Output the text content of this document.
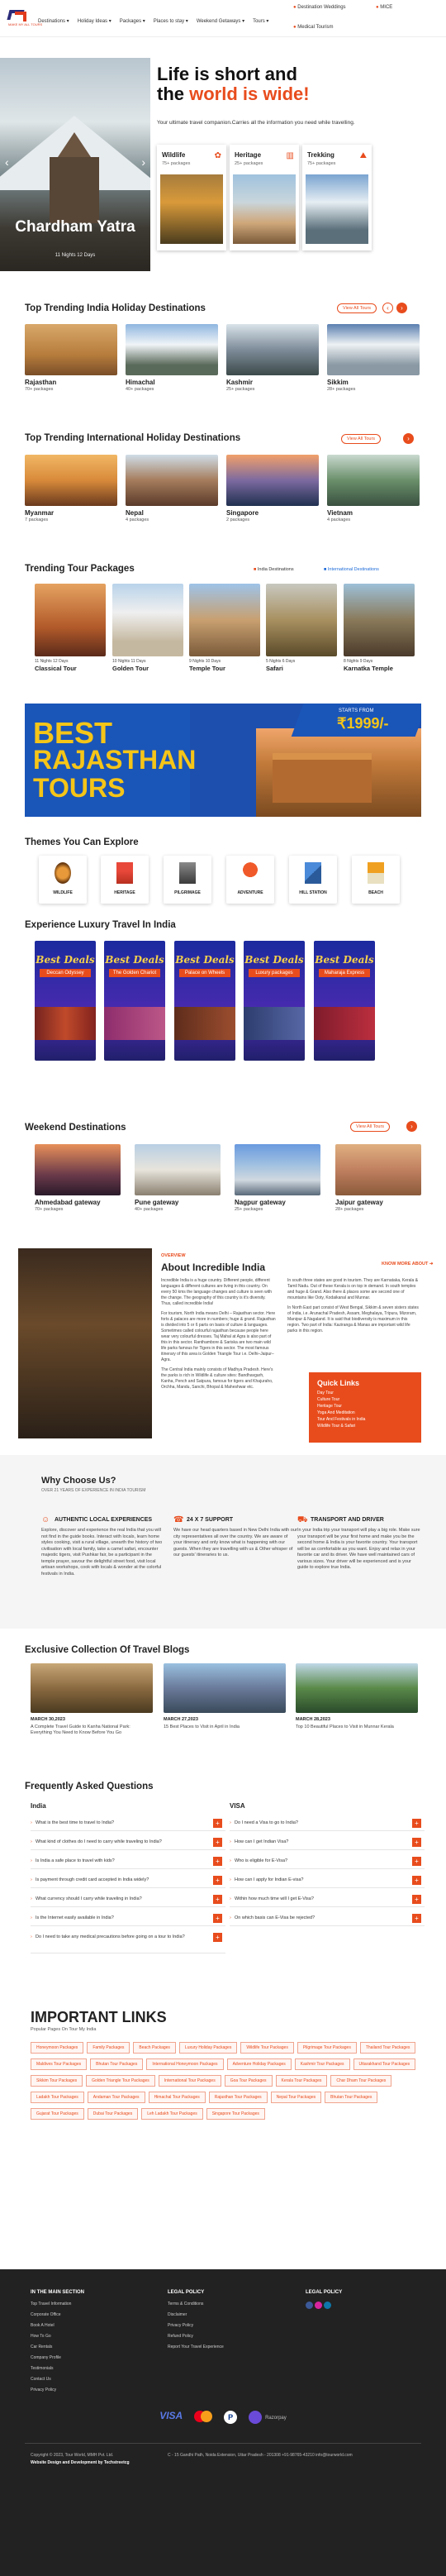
MAKE MY ALL TOURS
Destinations ▾ Holiday Ideas ▾ Packages ▾ Places to stay ▾ Weekend Getaways ▾ Tours ▾
● Destination Weddings	● MICE
● Medical Tourism
‹	›
Chardham Yatra
11 Nights 12 Days
Life is short and
the world is wide!
Your ultimate travel companion.Carries all the information you need while travelling.
Wildlife
75+ packages
✿ Heritage
25+ packages
▥ Trekking
75+ packages
⛰
Top Trending India Holiday Destinations	View All Tours	‹	›
Rajasthan
70+ packages
Himachal
40+ packages
Kashmir
25+ packages
Sikkim
28+ packages
Top Trending International Holiday Destinations	View All Tours	›
Myanmar
7 packages
Nepal
4 packages
Singapore
2 packages
Vietnam
4 packages
Trending Tour Packages	■ India Destinations	■ International Destinations
11 Nights 12 Days
Classical Tour
10 Nights 11 Days
Golden Tour
9 Nights 10 Days
Temple Tour
5 Nights 6 Days
Safari
8 Nights 9 Days
Karnatka Temple
BEST
RAJASTHAN
TOURS
STARTS FROM
₹1999/-
Themes You Can Explore
WILDLIFE	HERITAGE	PILGRIMAGE	ADVENTURE	HILL STATION	BEACH
Experience Luxury Travel In India
Best Deals
Deccan Odyssey
Best Deals
The Golden Chariot
Best Deals
Palace on Wheels
Best Deals
Luxury packages
Best Deals
Maharaja Express
Weekend Destinations	View All Tours	›
Ahmedabad gateway
70+ packages
Pune gateway
40+ packages
Nagpur gateway
25+ packages
Jaipur gateway
28+ packages
OVERVIEW
About Incredible India	KNOW MORE ABOUT ➜

Incredible India is a huge country. Different people, different languages & different cultures are living in this country. On every 50 kms the language changes and culture is seen with the change. The geography of this country is it's diversity. Thus, called incredible India!

For tourism, North India means Delhi – Rajasthan sector. Here forts & palaces are more in numbers; huge & grand. Rajasthan is divided into 5 or 6 parts on basis of culture & languages. Sometimes called colourful rajasthan because people here wear very colourful dresses. Taj Mahal at Agra is also part of this in this sector. Ranthambore & Sariska are two main wild life parks famous for Tigers in this sector. The most famous itinerary of this area is Golden Triangle Tour i.e. Delhi–Jaipur–Agra.

The Central India mainly consists of Madhya Pradesh. Here's the parks is rich in Wildlife & culture sites: Bandhavgarh, Kanha, Pench and Satpura, famous for tigers and Khajuraho, Orchha, Mandu, Sanchi, Bhopal & Maheshwar etc.

In south three states are good in tourism. They are Karnataka, Kerala & Tamil Nadu. Out of these Kerala is on top in demand. In south temples and huge & Grand. Also there & places some are second one of mountains like Ooty, Kodaikanal and Munnar.

In North East part consist of West Bengal, Sikkim & seven sisters states of India, i.e. Arunachal Pradesh, Assam, Meghalaya, Tripura, Mizoram, Manipur & Nagaland. It is said that biodiversity is maximum in this region. Two part of India: Kaziranga & Manas are important wild life parks in this region.

Quick Links
Day Tour
Culture Tour
Heritage Tour
Yoga And Meditation
Tour And Festivals in India
Wildlife Tour & Safari
Why Choose Us?
OVER 21 YEARS OF EXPERIENCE IN INDIA TOURISM
☺ AUTHENTIC LOCAL EXPERIENCES
Explore, discover and experience the real India that you will not find in the guide books. Interact with locals, learn home styles cooking, visit a rural village, unearth the history of two civilisation with local family, take a camel safari, encounter majestic tigers, visit Pushkar fair, be a participant in the temple prayer, savour the delightful street food, visit local artisan workshops, cook with locals & wonder at the colorful festivals in India.
☎ 24 X 7 SUPPORT
We have our head quarters based in New Delhi India with our city representatives all over the country. We are aware of your itinerary and only know what is happening with our guests. When they are travelling with us & Other whisper of our guests' itineraries to us.
⛟ TRANSPORT AND DRIVER
In your India trip your transport will play a big role. Make sure your transport will be your first home and make you be the second home & India is your favorite country. Your transport will be as comfortable as you want. Enjoy and relax in your favorite car and its driver. We have well maintained cars of various sizes. Your driver will be experienced and is your guide to explore true India.
Exclusive Collection Of Travel Blogs
MARCH 30,2023
A Complete Travel Guide to Kanha National Park: Everything You Need to Know Before You Go
MARCH 27,2023
15 Best Places to Visit in April in India
MARCH 28,2023
Top 10 Beautiful Places to Visit in Munnar Kerala
Frequently Asked Questions
India	VISA
› What is the best time to travel to India?	+
› What kind of clothes do I need to carry while traveling to India?	+
› Is India a safe place to travel with kids?	+
› Is payment through credit card accepted in India widely?	+
› What currency should I carry while traveling in India?	+
› Is the Internet easily available in India?	+
› Do I need to take any medical precautions before going on a tour to India?	+
› Do I need a Visa to go to India?	+
› How can I get Indian Visa?	+
› Who is eligible for E-Visa?	+
› How can I apply for Indian E-visa?	+
› Within how much time will I get E-Visa?	+
› On which basis can E-Visa be rejected?	+
IMPORTANT LINKS
Popular Pages On Tour My India
Honeymoon Packages	Family Packages	Beach Packages	Luxury Holiday Packages	Wildlife Tour Packages	Pilgrimage Tour Packages	Thailand Tour PackagesMaldives Tour Packages	Bhutan Tour Packages	International Honeymoon Packages	Adventure Holiday Packages	Kashmir Tour Packages	Uttarakhand Tour PackagesSikkim Tour Packages	Golden Triangle Tour Packages	International Tour Packages	Goa Tour Packages	Kerala Tour Packages	Char Dham Tour PackagesLadakh Tour Packages	Andaman Tour Packages	Himachal Tour Packages	Rajasthan Tour Packages	Nepal Tour Packages	Bhutan Tour PackagesGujarat Tour Packages	Dubai Tour Packages	Leh Ladakh Tour Packages	Singapore Tour Packages
IN THE MAIN SECTION
Top Travel Information
Corporate Office
Book A Hotel
How To Go
Car Rentals
Company Profile
Testimonials
Contact Us
Privacy Policy
LEGAL POLICY
Terms & Conditions
Disclaimer
Privacy Policy
Refund Policy
Report Your Travel Experience
LEGAL POLICY

VISA	P	Razorpay
Copyright © 2023, Tour World, MMH Pvt. Ltd.
Website Design and Development by Techstreetcg
C - 15 Gandhi Path, Noida Extension, Uttar Pradesh - 201308 +91-98765-43210 info@tourworld.com
